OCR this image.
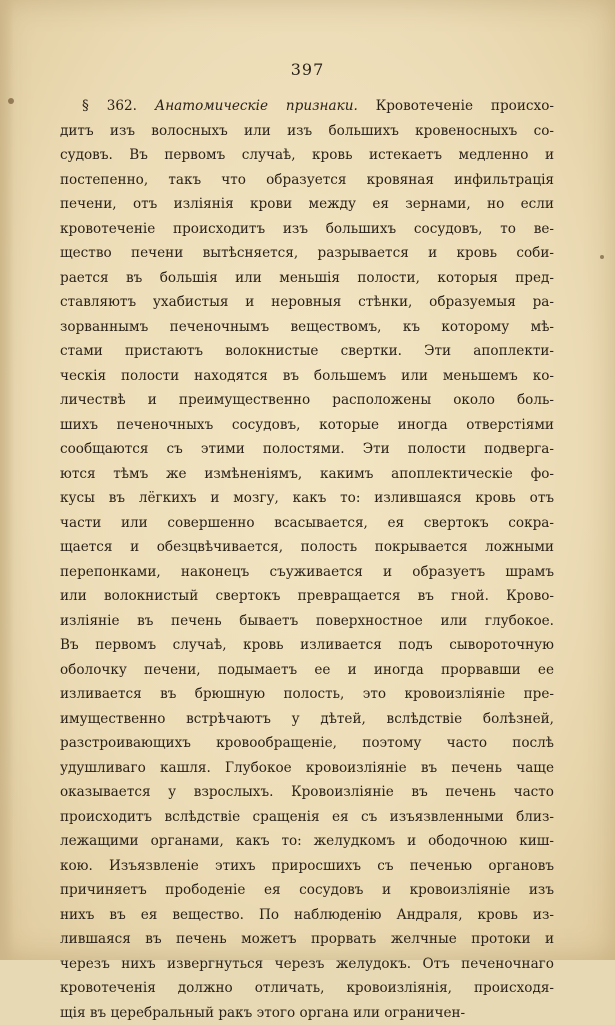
397
§ 362. Анатомическіе признаки. Кровотеченіе происхо-
дитъ изъ волосныхъ или изъ большихъ кровеносныхъ со-
судовъ. Въ первомъ случаѣ, кровь истекаетъ медленно и
постепенно, такъ что образуется кровяная инфильтрація
печени, отъ изліянія крови между ея зернами, но если
кровотеченіе происходитъ изъ большихъ сосудовъ, то ве-
щество печени вытѣсняется, разрывается и кровь соби-
рается въ большія или меньшія полости, которыя пред-
ставляютъ ухабистыя и неровныя стѣнки, образуемыя ра-
зорваннымъ печеночнымъ веществомъ, къ которому мѣ-
стами пристаютъ волокнистые свертки. Эти апоплекти-
ческія полости находятся въ большемъ или меньшемъ ко-
личествѣ и преимущественно расположены около боль-
шихъ печеночныхъ сосудовъ, которые иногда отверстіями
сообщаются съ этими полостями. Эти полости подверга-
ются тѣмъ же измѣненіямъ, какимъ апоплектическіе фо-
кусы въ лёгкихъ и мозгу, какъ то: излившаяся кровь отъ
части или совершенно всасывается, ея свертокъ сокра-
щается и обезцвѣчивается, полость покрывается ложными
перепонками, наконецъ съуживается и образуетъ шрамъ
или волокнистый свертокъ превращается въ гной. Крово-
изліяніе въ печень бываетъ поверхностное или глубокое.
Въ первомъ случаѣ, кровь изливается подъ сывороточную
оболочку печени, подымаетъ ее и иногда прорвавши ее
изливается въ брюшную полость, это кровоизліяніе пре-
имущественно встрѣчаютъ у дѣтей, вслѣдствіе болѣзней,
разстроивающихъ кровообращеніе, поэтому часто послѣ
удушливаго кашля. Глубокое кровоизліяніе въ печень чаще
оказывается у взрослыхъ. Кровоизліяніе въ печень часто
происходитъ вслѣдствіе сращенія ея съ изъязвленными близ-
лежащими органами, какъ то: желудкомъ и ободочною киш-
кою. Изъязвленіе этихъ приросшихъ съ печенью органовъ
причиняетъ прободеніе ея сосудовъ и кровоизліяніе изъ
нихъ въ ея вещество. По наблюденію Андраля, кровь из-
лившаяся въ печень можетъ прорвать желчные протоки и
черезъ нихъ извергнуться черезъ желудокъ. Отъ печеночнаго
кровотеченія должно отличать, кровоизліянія, происходя-
щія въ церебральный ракъ этого органа или ограничен-
